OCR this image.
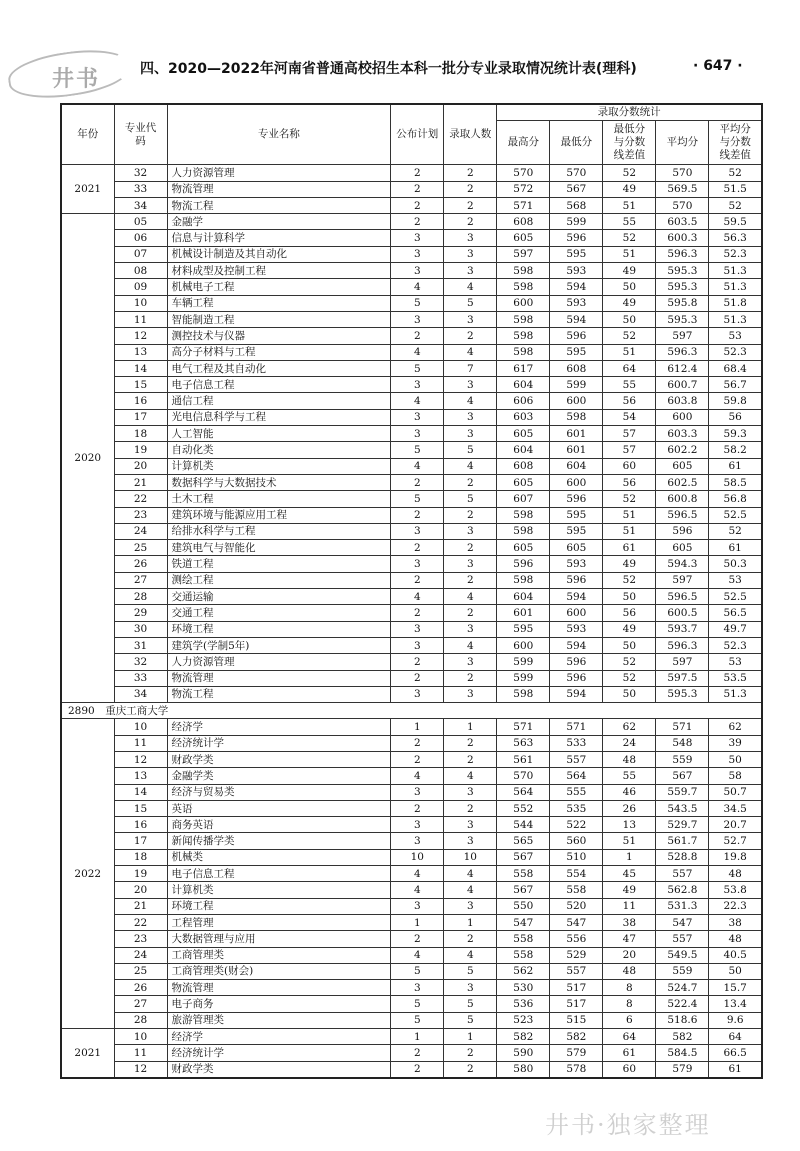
井书	四、2020—2022年河南省普通高校招生本科一批分专业录取情况统计表(理科)	· 647 ·
年份	专业代码	专业名称	公布计划	录取人数	录取分数统计				
					最高分	最低分	最低分与分数线差值	平均分	平均分与分数线差值
2021	32	人力资源管理	2	2	570	570	52	570	52
	33	物流管理	2	2	572	567	49	569.5	51.5
	34	物流工程	2	2	571	568	51	570	52
2020	05	金融学	2	2	608	599	55	603.5	59.5
	06	信息与计算科学	3	3	605	596	52	600.3	56.3
	07	机械设计制造及其自动化	3	3	597	595	51	596.3	52.3
	08	材料成型及控制工程	3	3	598	593	49	595.3	51.3
	09	机械电子工程	4	4	598	594	50	595.3	51.3
	10	车辆工程	5	5	600	593	49	595.8	51.8
	11	智能制造工程	3	3	598	594	50	595.3	51.3
	12	测控技术与仪器	2	2	598	596	52	597	53
	13	高分子材料与工程	4	4	598	595	51	596.3	52.3
	14	电气工程及其自动化	5	7	617	608	64	612.4	68.4
	15	电子信息工程	3	3	604	599	55	600.7	56.7
	16	通信工程	4	4	606	600	56	603.8	59.8
	17	光电信息科学与工程	3	3	603	598	54	600	56
	18	人工智能	3	3	605	601	57	603.3	59.3
	19	自动化类	5	5	604	601	57	602.2	58.2
	20	计算机类	4	4	608	604	60	605	61
	21	数据科学与大数据技术	2	2	605	600	56	602.5	58.5
	22	土木工程	5	5	607	596	52	600.8	56.8
	23	建筑环境与能源应用工程	2	2	598	595	51	596.5	52.5
	24	给排水科学与工程	3	3	598	595	51	596	52
	25	建筑电气与智能化	2	2	605	605	61	605	61
	26	铁道工程	3	3	596	593	49	594.3	50.3
	27	测绘工程	2	2	598	596	52	597	53
	28	交通运输	4	4	604	594	50	596.5	52.5
	29	交通工程	2	2	601	600	56	600.5	56.5
	30	环境工程	3	3	595	593	49	593.7	49.7
	31	建筑学(学制5年)	3	4	600	594	50	596.3	52.3
	32	人力资源管理	2	3	599	596	52	597	53
	33	物流管理	2	2	599	596	52	597.5	53.5
	34	物流工程	3	3	598	594	50	595.3	51.3
2890　重庆工商大学									
2022	10	经济学	1	1	571	571	62	571	62
	11	经济统计学	2	2	563	533	24	548	39
	12	财政学类	2	2	561	557	48	559	50
	13	金融学类	4	4	570	564	55	567	58
	14	经济与贸易类	3	3	564	555	46	559.7	50.7
	15	英语	2	2	552	535	26	543.5	34.5
	16	商务英语	3	3	544	522	13	529.7	20.7
	17	新闻传播学类	3	3	565	560	51	561.7	52.7
	18	机械类	10	10	567	510	1	528.8	19.8
	19	电子信息工程	4	4	558	554	45	557	48
	20	计算机类	4	4	567	558	49	562.8	53.8
	21	环境工程	3	3	550	520	11	531.3	22.3
	22	工程管理	1	1	547	547	38	547	38
	23	大数据管理与应用	2	2	558	556	47	557	48
	24	工商管理类	4	4	558	529	20	549.5	40.5
	25	工商管理类(财会)	5	5	562	557	48	559	50
	26	物流管理	3	3	530	517	8	524.7	15.7
	27	电子商务	5	5	536	517	8	522.4	13.4
	28	旅游管理类	5	5	523	515	6	518.6	9.6
2021	10	经济学	1	1	582	582	64	582	64
	11	经济统计学	2	2	590	579	61	584.5	66.5
	12	财政学类	2	2	580	578	60	579	61
井书·独家整理
